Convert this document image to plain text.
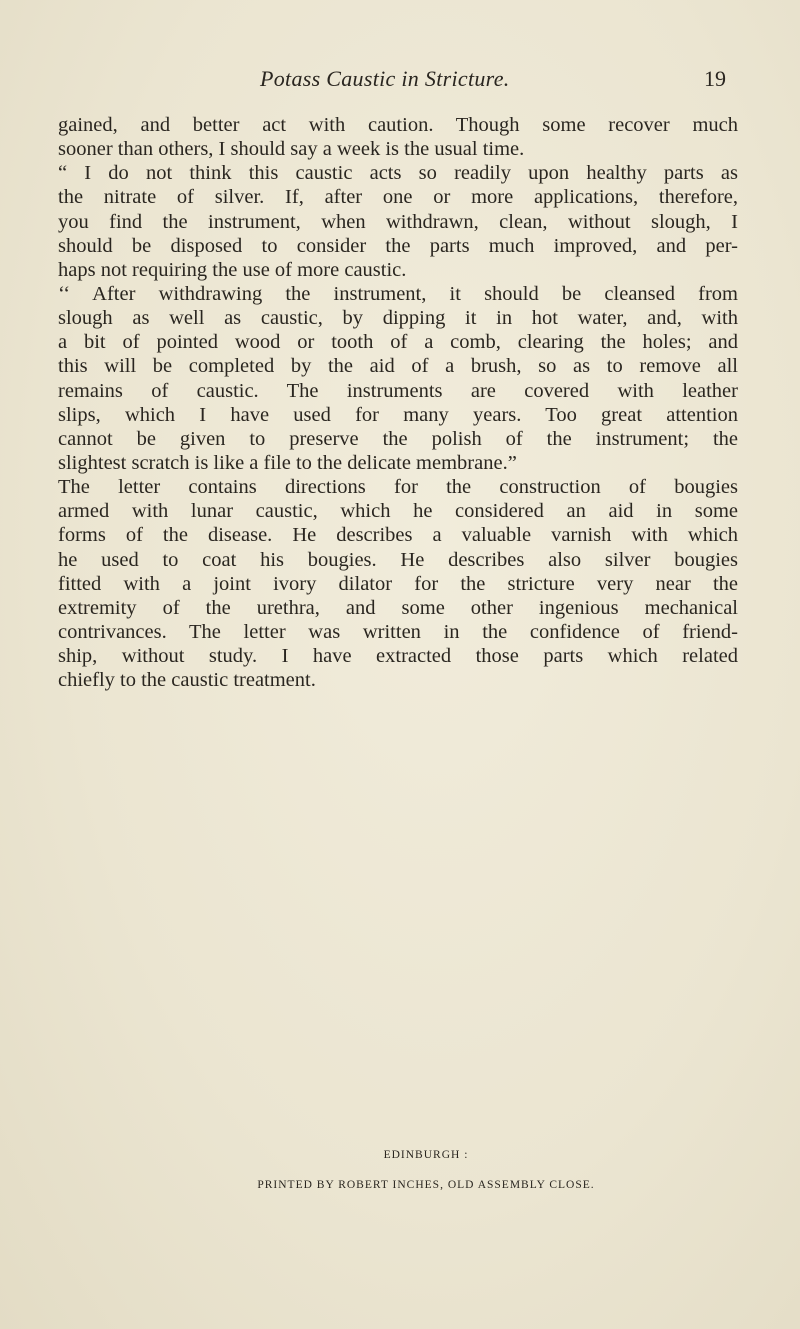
Potass Caustic in Stricture.	19
gained, and better act with caution. Though some recover much
sooner than others, I should say a week is the usual time.
“ I do not think this caustic acts so readily upon healthy parts as
the nitrate of silver. If, after one or more applications, therefore,
you find the instrument, when withdrawn, clean, without slough, I
should be disposed to consider the parts much improved, and per-
haps not requiring the use of more caustic.
‘‘ After withdrawing the instrument, it should be cleansed from
slough as well as caustic, by dipping it in hot water, and, with
a bit of pointed wood or tooth of a comb, clearing the holes; and
this will be completed by the aid of a brush, so as to remove all
remains of caustic. The instruments are covered with leather
slips, which I have used for many years. Too great attention
cannot be given to preserve the polish of the instrument; the
slightest scratch is like a file to the delicate membrane.”
The letter contains directions for the construction of bougies
armed with lunar caustic, which he considered an aid in some
forms of the disease. He describes a valuable varnish with which
he used to coat his bougies. He describes also silver bougies
fitted with a joint ivory dilator for the stricture very near the
extremity of the urethra, and some other ingenious mechanical
contrivances. The letter was written in the confidence of friend-
ship, without study. I have extracted those parts which related
chiefly to the caustic treatment.
EDINBURGH :
PRINTED BY ROBERT INCHES, OLD ASSEMBLY CLOSE.
